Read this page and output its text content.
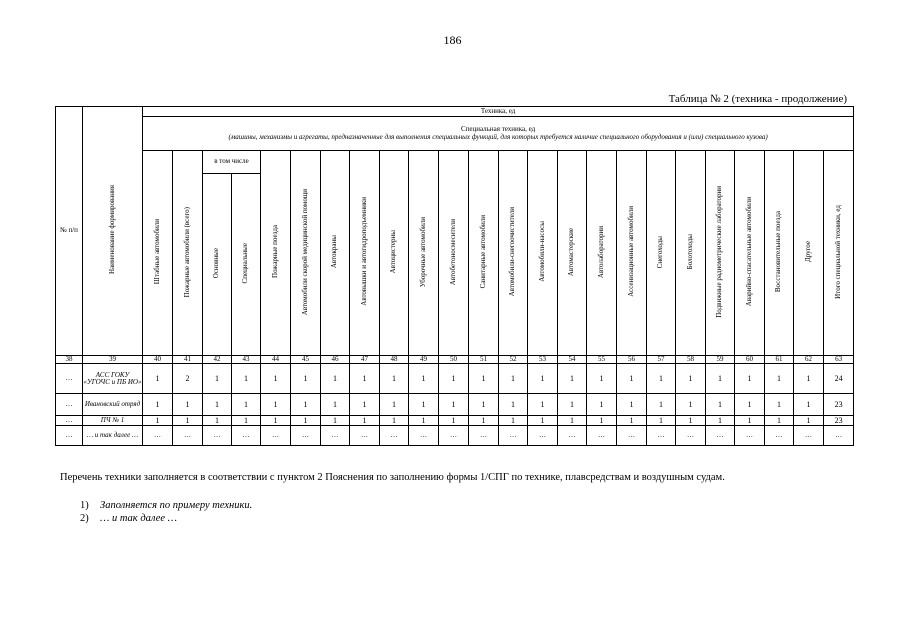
186
Таблица № 2 (техника - продолжение)
№ п/п	Наименование формирования	Техника, ед																							
		Специальная техника, ед
(машины, механизмы и агрегаты, предназначенные для выполнения специальных функций, для которых требуется наличие специального оборудования и (или) специального кузова)																							
		Штабные автомобили	Пожарные автомобили (всего)	в том числе		Пожарные поезда	Автомобили скорой медицинской помощи	Автокраны	Автовышки и автогидроподъемники	Автоцистерны	Уборочные автомобили	Автобетоносмесители	Санитарные автомобили	Автомобили-снегоочистители	Автомобили-насосы	Автомастерские	Автолаборатории	Ассенизационные автомобили	Снегоходы	Болотоходы	Подвижные радиометрические лаборатории	Аварийно-спасательные автомобили	Восстановительные поезда	Другое	Итого специальной техники, ед
				Основные	Специальные																				
38	39	40	41	42	43	44	45	46	47	48	49	50	51	52	53	54	55	56	57	58	59	60	61	62	63
…	АСС ГОКУ «УГОЧС и ПБ ИО»	1	2	1	1	1	1	1	1	1	1	1	1	1	1	1	1	1	1	1	1	1	1	1	24
…	Ивановский отряд	1	1	1	1	1	1	1	1	1	1	1	1	1	1	1	1	1	1	1	1	1	1	1	23
…	ПЧ № 1	1	1	1	1	1	1	1	1	1	1	1	1	1	1	1	1	1	1	1	1	1	1	1	23
…	… и так далее …	…	…	…	…	…	…	…	…	…	…	…	…	…	…	…	…	…	…	…	…	…	…	…	…
Перечень техники заполняется в соответствии с пунктом 2 Пояснения по заполнению формы 1/СПГ по технике, плавсредствам и воздушным судам.
1) Заполняется по примеру техники.
2) … и так далее …
